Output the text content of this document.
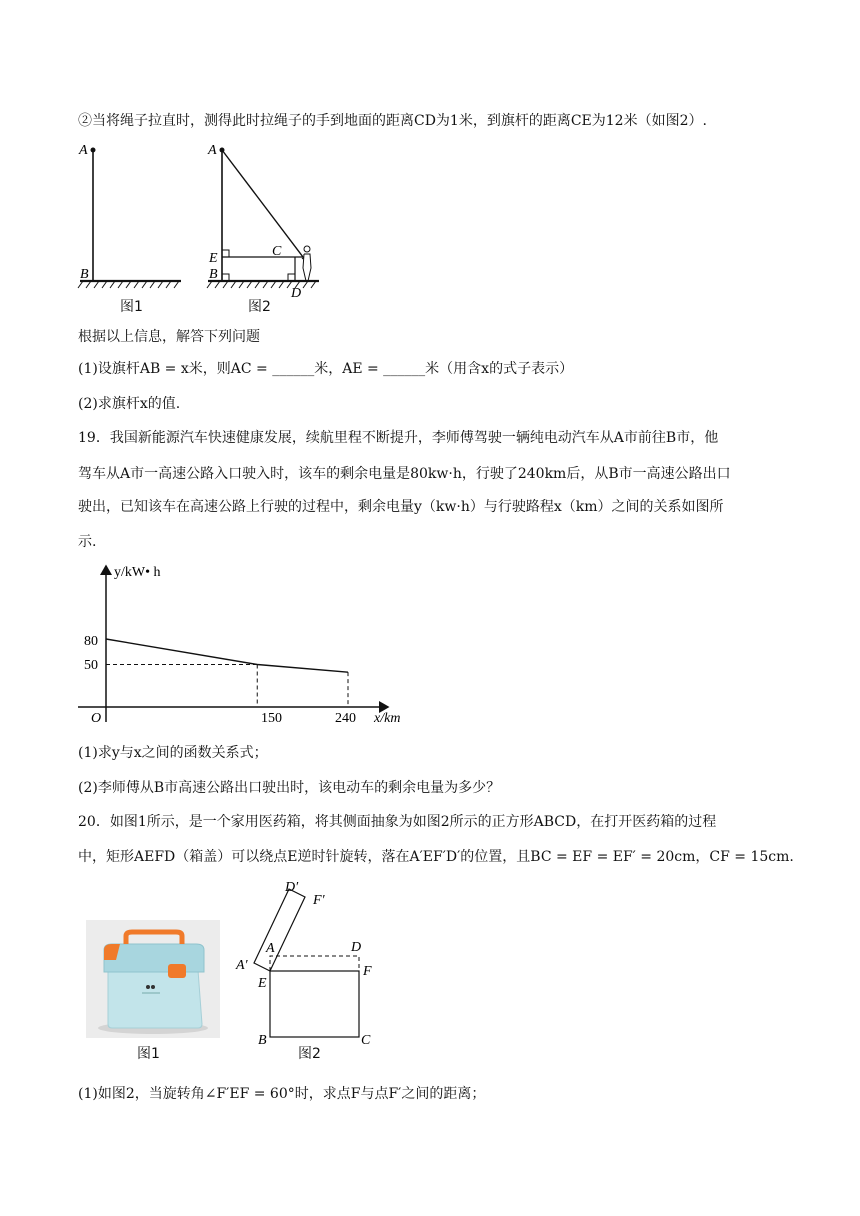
②当将绳子拉直时，测得此时拉绳子的手到地面的距离CD为1米，到旗杆的距离CE为12米（如图2）.
A
B
A
E
B
C
D
图1	图2
根据以上信息，解答下列问题
(1)设旗杆AB = x米，则AC = ______米，AE = ______米（用含x的式子表示）
(2)求旗杆x的值.
19．我国新能源汽车快速健康发展，续航里程不断提升，李师傅驾驶一辆纯电动汽车从A市前往B市，他
驾车从A市一高速公路入口驶入时，该车的剩余电量是80kw·h，行驶了240km后，从B市一高速公路出口
驶出，已知该车在高速公路上行驶的过程中，剩余电量y（kw·h）与行驶路程x（km）之间的关系如图所
示.
y/kW• h
x/km
O
80
50
150	240
(1)求y与x之间的函数关系式；
(2)李师傅从B市高速公路出口驶出时，该电动车的剩余电量为多少？
20．如图1所示，是一个家用医药箱，将其侧面抽象为如图2所示的正方形ABCD，在打开医药箱的过程
中，矩形AEFD（箱盖）可以绕点E逆时针旋转，落在A′EF′D′的位置，且BC = EF = EF′ = 20cm，CF = 15cm.
图1
D′
F′
A
A′
D
E
F
B	C
图2
(1)如图2，当旋转角∠F′EF = 60°时，求点F与点F′之间的距离；
